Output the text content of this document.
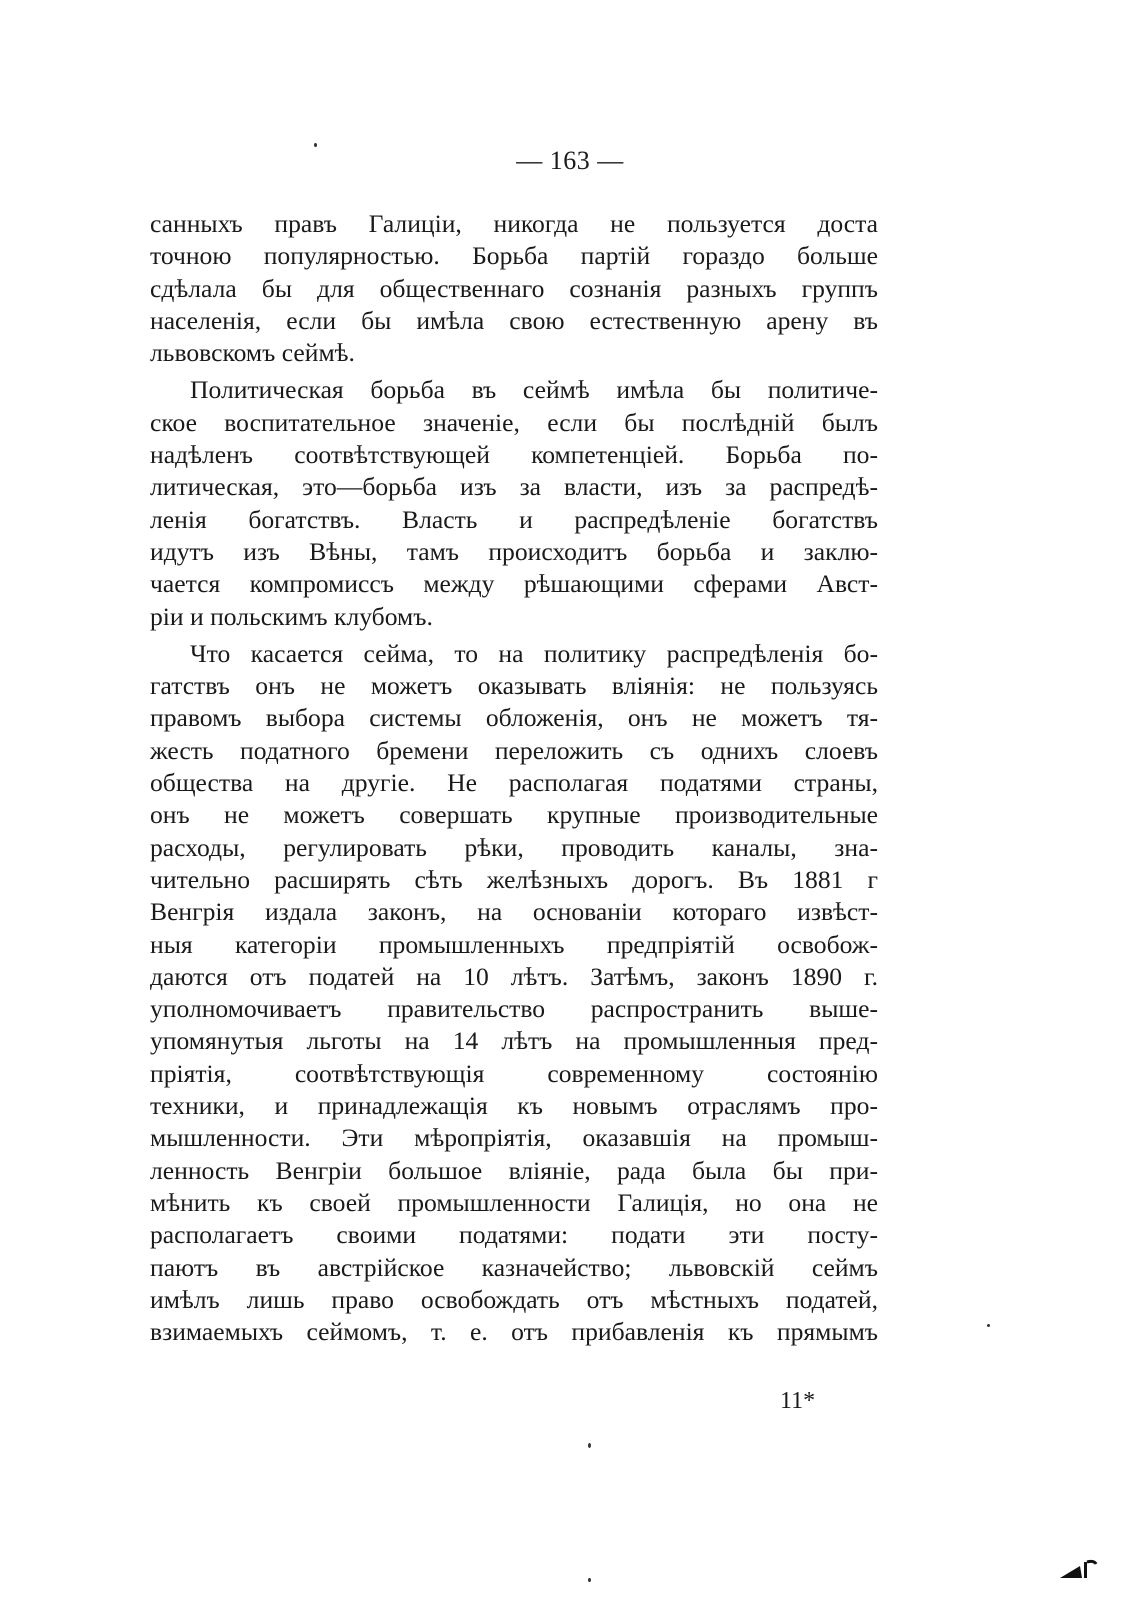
— 163 —
санныхъ правъ Галиціи, никогда не пользуется доста
точною популярностью. Борьба партій гораздо больше
сдѣлала бы для общественнаго сознанія разныхъ группъ
населенія, если бы имѣла свою естественную арену въ
львовскомъ сеймѣ.
Политическая борьба въ сеймѣ имѣла бы политиче-
ское воспитательное значеніе, если бы послѣдній былъ
надѣленъ соотвѣтствующей компетенціей. Борьба по-
литическая, это—борьба изъ за власти, изъ за распредѣ-
ленія богатствъ. Власть и распредѣленіе богатствъ
идутъ изъ Вѣны, тамъ происходитъ борьба и заклю-
чается компромиссъ между рѣшающими сферами Авст-
ріи и польскимъ клубомъ.
Что касается сейма, то на политику распредѣленія бо-
гатствъ онъ не можетъ оказывать вліянія: не пользуясь
правомъ выбора системы обложенія, онъ не можетъ тя-
жесть податного бремени переложить съ однихъ слоевъ
общества на другіе. Не располагая податями страны,
онъ не можетъ совершать крупные производительные
расходы, регулировать рѣки, проводить каналы, зна-
чительно расширять сѣть желѣзныхъ дорогъ. Въ 1881 г
Венгрія издала законъ, на основаніи котораго извѣст-
ныя категоріи промышленныхъ предпріятій освобож-
даются отъ податей на 10 лѣтъ. Затѣмъ, законъ 1890 г.
уполномочиваетъ правительство распространить выше-
упомянутыя льготы на 14 лѣтъ на промышленныя пред-
пріятія, соотвѣтствующія современному состоянію
техники, и принадлежащія къ новымъ отраслямъ про-
мышленности. Эти мѣропріятія, оказавшія на промыш-
ленность Венгріи большое вліяніе, рада была бы при-
мѣнить къ своей промышленности Галиція, но она не
располагаетъ своими податями: подати эти посту-
паютъ въ австрійское казначейство; львовскій сеймъ
имѣлъ лишь право освобождать отъ мѣстныхъ податей,
взимаемыхъ сеймомъ, т. е. отъ прибавленія къ прямымъ
11*
